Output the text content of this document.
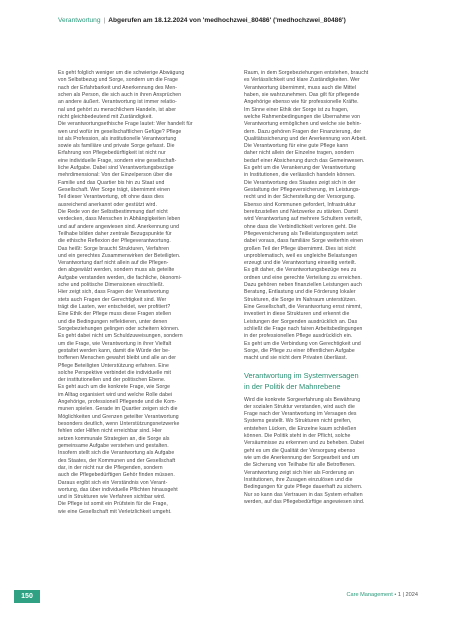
Verantwortung | Abgerufen am 18.12.2024 von 'medhochzwei_80486' ('medhochzwei_80486')
Es geht folglich weniger um die schwierige Abwägung
von Selbstbezug und Sorge, sondern um die Frage
nach der Erfahrbarkeit und Anerkennung des Men-
schen als Person, die sich auch in ihren Ansprüchen
an andere äußert. Verantwortung ist immer relatio-
nal und gehört zu menschlichem Handeln, ist aber
nicht gleichbedeutend mit Zuständigkeit.
Die verantwortungsethische Frage lautet: Wer handelt für
wen und wofür im gesellschaftlichen Gefüge? Pflege
ist als Profession, als institutionelle Verantwortung
sowie als familiäre und private Sorge gefasst. Die
Erfahrung von Pflegebedürftigkeit ist nicht nur
eine individuelle Frage, sondern eine gesellschaft-
liche Aufgabe. Dabei sind Verantwortungsbezüge
mehrdimensional: Von der Einzelperson über die
Familie und das Quartier bis hin zu Staat und
Gesellschaft. Wer Sorge trägt, übernimmt einen
Teil dieser Verantwortung, oft ohne dass dies
ausreichend anerkannt oder gestützt wird.
Die Rede von der Selbstbestimmung darf nicht
verdecken, dass Menschen in Abhängigkeiten leben
und auf andere angewiesen sind. Anerkennung und
Teilhabe bilden daher zentrale Bezugspunkte für
die ethische Reflexion der Pflegeverantwortung.
Das heißt: Sorge braucht Strukturen, Verfahren
und ein gerechtes Zusammenwirken der Beteiligten.
Verantwortung darf nicht allein auf die Pflegen-
den abgewälzt werden, sondern muss als geteilte
Aufgabe verstanden werden, die fachliche, ökonomi-
sche und politische Dimensionen einschließt.
Hier zeigt sich, dass Fragen der Verantwortung
stets auch Fragen der Gerechtigkeit sind. Wer
trägt die Lasten, wer entscheidet, wer profitiert?
Eine Ethik der Pflege muss diese Fragen stellen
und die Bedingungen reflektieren, unter denen
Sorgebeziehungen gelingen oder scheitern können.
Es geht dabei nicht um Schuldzuweisungen, sondern
um die Frage, wie Verantwortung in ihrer Vielfalt
gestaltet werden kann, damit die Würde der be-
troffenen Menschen gewahrt bleibt und alle an der
Pflege Beteiligten Unterstützung erfahren. Eine
solche Perspektive verbindet die individuelle mit
der institutionellen und der politischen Ebene.
Es geht auch um die konkrete Frage, wie Sorge
im Alltag organisiert wird und welche Rolle dabei
Angehörige, professionell Pflegende und die Kom-
munen spielen. Gerade im Quartier zeigen sich die
Möglichkeiten und Grenzen geteilter Verantwortung
besonders deutlich, wenn Unterstützungsnetzwerke
fehlen oder Hilfen nicht erreichbar sind. Hier
setzen kommunale Strategien an, die Sorge als
gemeinsame Aufgabe verstehen und gestalten.
Insofern stellt sich die Verantwortung als Aufgabe
des Staates, der Kommunen und der Gesellschaft
dar, in der nicht nur die Pflegenden, sondern
auch die Pflegebedürftigen Gehör finden müssen.
Daraus ergibt sich ein Verständnis von Verant-
wortung, das über individuelle Pflichten hinausgeht
und in Strukturen wie Verfahren sichtbar wird.
Die Pflege ist somit ein Prüfstein für die Frage,
wie eine Gesellschaft mit Verletzlichkeit umgeht.
Raum, in dem Sorgebeziehungen entstehen, braucht
es Verlässlichkeit und klare Zuständigkeiten. Wer
Verantwortung übernimmt, muss auch die Mittel
haben, sie wahrzunehmen. Das gilt für pflegende
Angehörige ebenso wie für professionelle Kräfte.
Im Sinne einer Ethik der Sorge ist zu fragen,
welche Rahmenbedingungen die Übernahme von
Verantwortung ermöglichen und welche sie behin-
dern. Dazu gehören Fragen der Finanzierung, der
Qualitätssicherung und der Anerkennung von Arbeit.
Die Verantwortung für eine gute Pflege kann
daher nicht allein der Einzelne tragen, sondern
bedarf einer Absicherung durch das Gemeinwesen.
Es geht um die Verankerung der Verantwortung
in Institutionen, die verlässlich handeln können.
Die Verantwortung des Staates zeigt sich in der
Gestaltung der Pflegeversicherung, im Leistungs-
recht und in der Sicherstellung der Versorgung.
Ebenso sind Kommunen gefordert, Infrastruktur
bereitzustellen und Netzwerke zu stärken. Damit
wird Verantwortung auf mehrere Schultern verteilt,
ohne dass die Verbindlichkeit verloren geht. Die
Pflegeversicherung als Teilleistungssystem setzt
dabei voraus, dass familiäre Sorge weiterhin einen
großen Teil der Pflege übernimmt. Dies ist nicht
unproblematisch, weil es ungleiche Belastungen
erzeugt und die Verantwortung einseitig verteilt.
Es gilt daher, die Verantwortungsbezüge neu zu
ordnen und eine gerechte Verteilung zu erreichen.
Dazu gehören neben finanziellen Leistungen auch
Beratung, Entlastung und die Förderung lokaler
Strukturen, die Sorge im Nahraum unterstützen.
Eine Gesellschaft, die Verantwortung ernst nimmt,
investiert in diese Strukturen und erkennt die
Leistungen der Sorgenden ausdrücklich an. Das
schließt die Frage nach fairen Arbeitsbedingungen
in der professionellen Pflege ausdrücklich ein.
Es geht um die Verbindung von Gerechtigkeit und
Sorge, die Pflege zu einer öffentlichen Aufgabe
macht und sie nicht dem Privaten überlässt.
Verantwortung im Systemversagen
in der Politik der Mahnrebene
Wird die konkrete Sorgeerfahrung als Bewährung
der sozialen Struktur verstanden, wird auch die
Frage nach der Verantwortung im Versagen des
Systems gestellt. Wo Strukturen nicht greifen,
entstehen Lücken, die Einzelne kaum schließen
können. Die Politik steht in der Pflicht, solche
Versäumnisse zu erkennen und zu beheben. Dabei
geht es um die Qualität der Versorgung ebenso
wie um die Anerkennung der Sorgearbeit und um
die Sicherung von Teilhabe für alle Betroffenen.
Verantwortung zeigt sich hier als Forderung an
Institutionen, ihre Zusagen einzulösen und die
Bedingungen für gute Pflege dauerhaft zu sichern.
Nur so kann das Vertrauen in das System erhalten
werden, auf das Pflegebedürftige angewiesen sind.
150	Care Management • 1 | 2024
